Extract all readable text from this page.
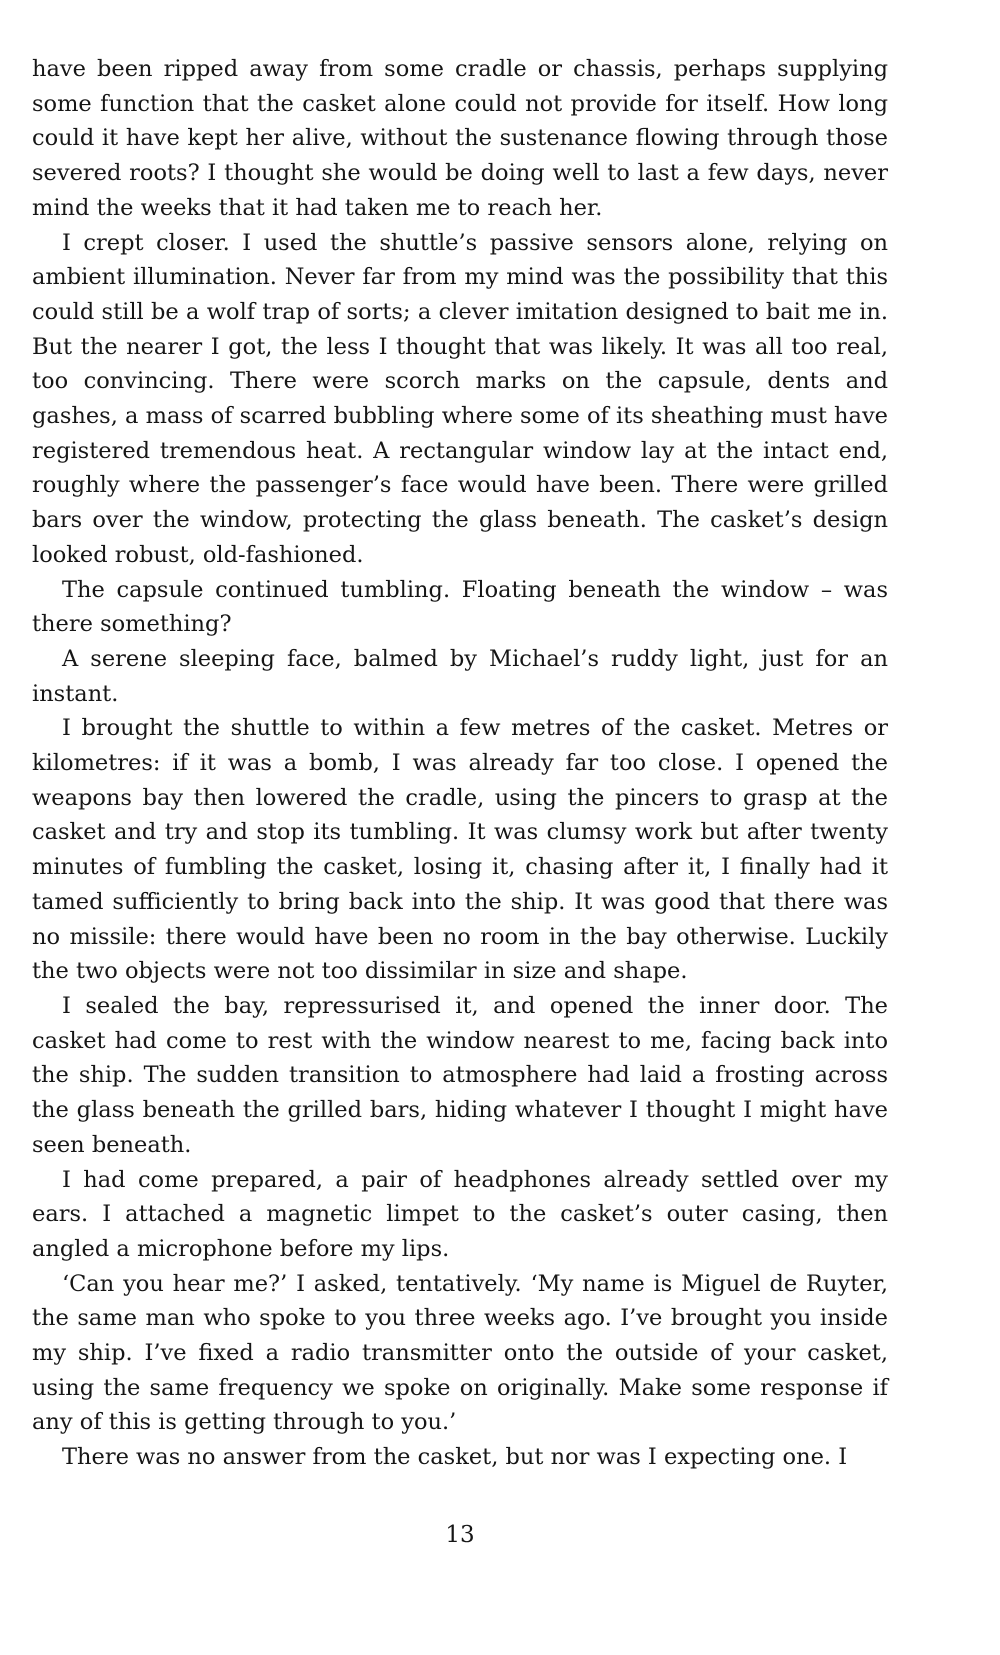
have been ripped away from some cradle or chassis, perhaps supplying some function that the casket alone could not provide for itself. How long could it have kept her alive, without the sustenance flowing through those severed roots? I thought she would be doing well to last a few days, never mind the weeks that it had taken me to reach her.

I crept closer. I used the shuttle’s passive sensors alone, relying on ambient illumination. Never far from my mind was the possibility that this could still be a wolf trap of sorts; a clever imitation designed to bait me in. But the nearer I got, the less I thought that was likely. It was all too real, too convincing. There were scorch marks on the capsule, dents and gashes, a mass of scarred bubbling where some of its sheathing must have registered tremendous heat. A rectangular window lay at the intact end, roughly where the passenger’s face would have been. There were grilled bars over the window, protecting the glass beneath. The casket’s design looked robust, old-fashioned.

The capsule continued tumbling. Floating beneath the window – was there something?

A serene sleeping face, balmed by Michael’s ruddy light, just for an instant.

I brought the shuttle to within a few metres of the casket. Metres or kilometres: if it was a bomb, I was already far too close. I opened the weapons bay then lowered the cradle, using the pincers to grasp at the casket and try and stop its tumbling. It was clumsy work but after twenty minutes of fumbling the casket, losing it, chasing after it, I finally had it tamed sufficiently to bring back into the ship. It was good that there was no missile: there would have been no room in the bay otherwise. Luckily the two objects were not too dissimilar in size and shape.

I sealed the bay, repressurised it, and opened the inner door. The casket had come to rest with the window nearest to me, facing back into the ship. The sudden transition to atmosphere had laid a frosting across the glass beneath the grilled bars, hiding whatever I thought I might have seen beneath.

I had come prepared, a pair of headphones already settled over my ears. I attached a magnetic limpet to the casket’s outer casing, then angled a microphone before my lips.

‘Can you hear me?’ I asked, tentatively. ‘My name is Miguel de Ruyter, the same man who spoke to you three weeks ago. I’ve brought you inside my ship. I’ve fixed a radio transmitter onto the outside of your casket, using the same frequency we spoke on originally. Make some response if any of this is getting through to you.’

There was no answer from the casket, but nor was I expecting one. I

13
